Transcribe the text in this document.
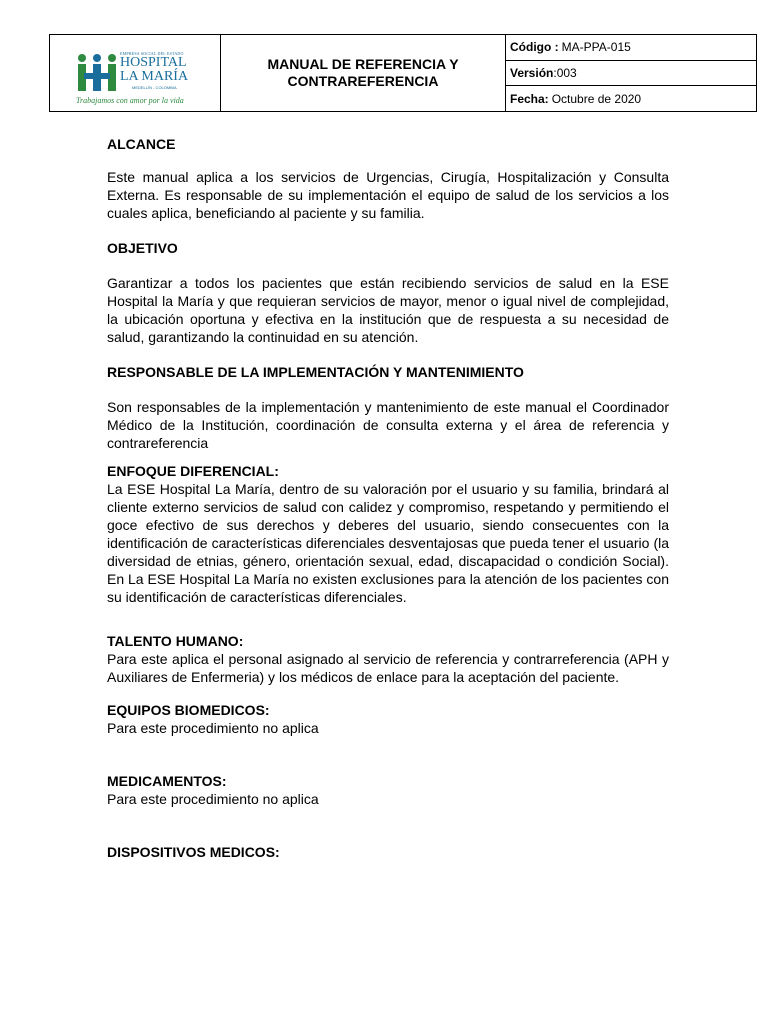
EMPRESA SOCIAL DEL ESTADO
HOSPITAL
LA MARÍA
MEDELLÍN - COLOMBIA
Trabajamos con amor por la vida
MANUAL DE REFERENCIA Y CONTRAREFERENCIA
Código : MA-PPA-015
Versión :003
Fecha: Octubre de 2020
ALCANCE
Este manual aplica a los servicios de Urgencias, Cirugía, Hospitalización y Consulta Externa. Es responsable de su implementación el equipo de salud de los servicios a los cuales aplica, beneficiando al paciente y su familia.
OBJETIVO
Garantizar a todos los pacientes que están recibiendo servicios de salud en la ESE Hospital la María y que requieran servicios de mayor, menor o igual nivel de complejidad, la ubicación oportuna y efectiva en la institución que de respuesta a su necesidad de salud, garantizando la continuidad en su atención.
RESPONSABLE DE LA IMPLEMENTACIÓN Y MANTENIMIENTO
Son responsables de la implementación y mantenimiento de este manual el Coordinador Médico de la Institución, coordinación de consulta externa y el área de referencia y contrareferencia
ENFOQUE DIFERENCIAL:
La ESE Hospital La María, dentro de su valoración por el usuario y su familia, brindará al cliente externo servicios de salud con calidez y compromiso, respetando y permitiendo el goce efectivo de sus derechos y deberes del usuario, siendo consecuentes con la identificación de características diferenciales desventajosas que pueda tener el usuario (la diversidad de etnias, género, orientación sexual, edad, discapacidad o condición Social). En La ESE Hospital La María no existen exclusiones para la atención de los pacientes con su identificación de características diferenciales.
TALENTO HUMANO:
Para este aplica el personal asignado al servicio de referencia y contrarreferencia (APH y Auxiliares de Enfermeria) y los médicos de enlace para la aceptación del paciente.
EQUIPOS BIOMEDICOS:
Para este procedimiento no aplica
MEDICAMENTOS:
Para este procedimiento no aplica
DISPOSITIVOS MEDICOS:
